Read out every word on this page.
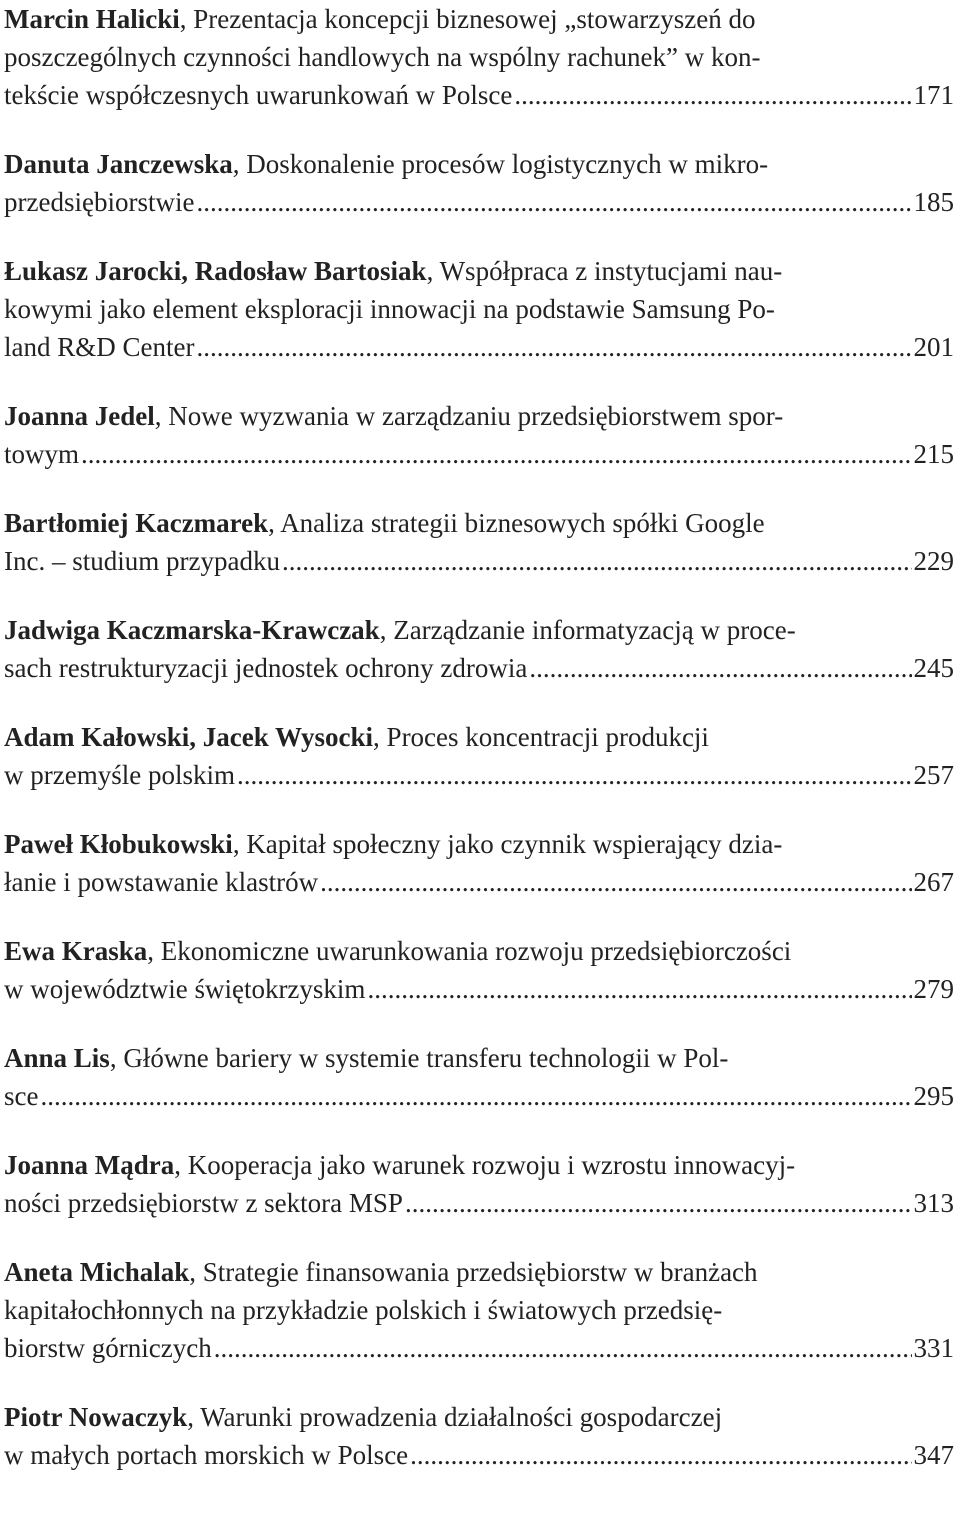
Marcin Halicki, Prezentacja koncepcji biznesowej „stowarzyszeń do
poszczególnych czynności handlowych na wspólny rachunek” w kon-
tekście współczesnych uwarunkowań w Polsce .....	171
Danuta Janczewska, Doskonalenie procesów logistycznych w mikro-
przedsiębiorstwie .....	185
Łukasz Jarocki, Radosław Bartosiak, Współpraca z instytucjami nau-
kowymi jako element eksploracji innowacji na podstawie Samsung Po-
land R&D Center .....	201
Joanna Jedel, Nowe wyzwania w zarządzaniu przedsiębiorstwem spor-
towym .....	215
Bartłomiej Kaczmarek, Analiza strategii biznesowych spółki Google
Inc. – studium przypadku .....	229
Jadwiga Kaczmarska-Krawczak, Zarządzanie informatyzacją w proce-
sach restrukturyzacji jednostek ochrony zdrowia .....	245
Adam Kałowski, Jacek Wysocki, Proces koncentracji produkcji
w przemyśle polskim .....	257
Paweł Kłobukowski, Kapitał społeczny jako czynnik wspierający dzia-
łanie i powstawanie klastrów .....	267
Ewa Kraska, Ekonomiczne uwarunkowania rozwoju przedsiębiorczości
w województwie świętokrzyskim .....	279
Anna Lis, Główne bariery w systemie transferu technologii w Pol-
sce .....	295
Joanna Mądra, Kooperacja jako warunek rozwoju i wzrostu innowacyj-
ności przedsiębiorstw z sektora MSP .....	313
Aneta Michalak, Strategie finansowania przedsiębiorstw w branżach
kapitałochłonnych na przykładzie polskich i światowych przedsię-
biorstw górniczych .....	331
Piotr Nowaczyk, Warunki prowadzenia działalności gospodarczej
w małych portach morskich w Polsce .....	347
